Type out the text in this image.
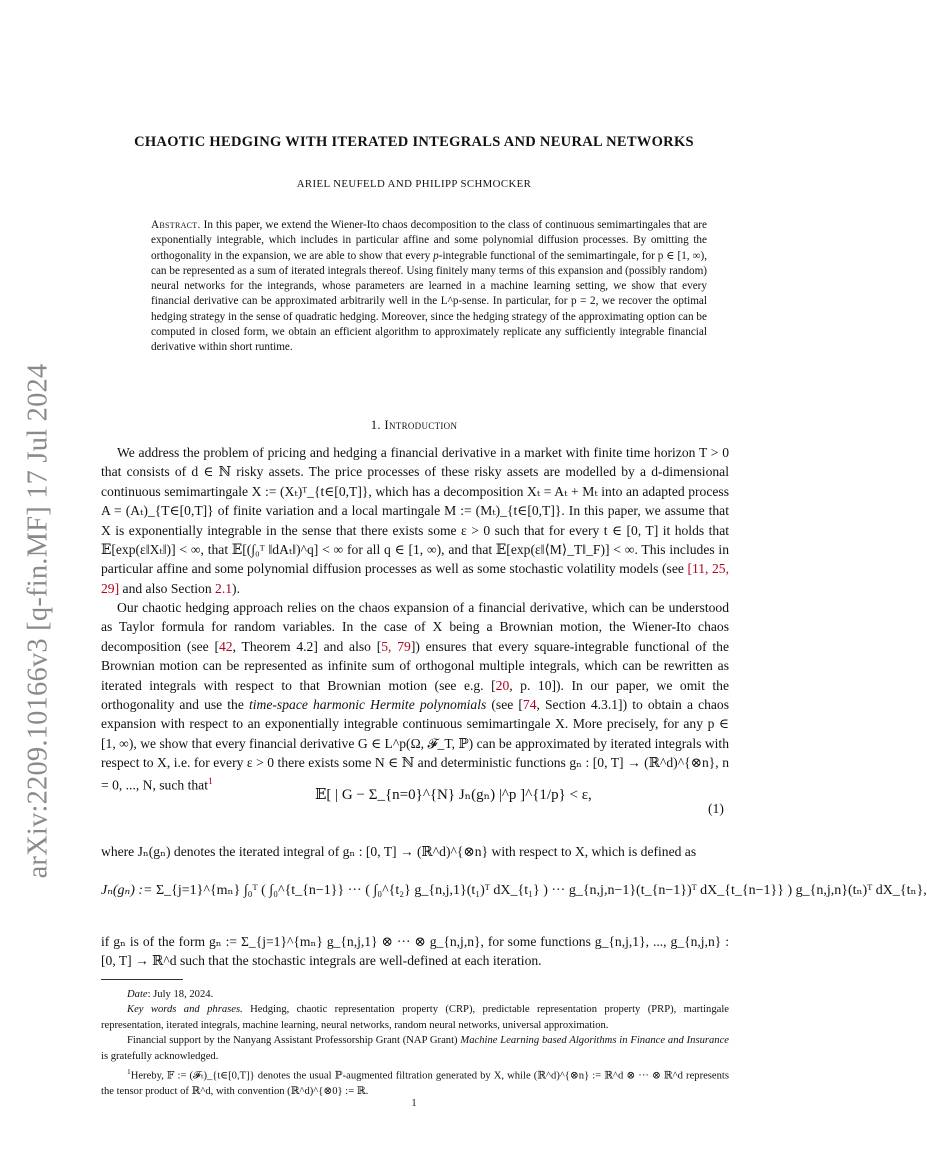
arXiv:2209.10166v3 [q-fin.MF] 17 Jul 2024
CHAOTIC HEDGING WITH ITERATED INTEGRALS AND NEURAL NETWORKS
ARIEL NEUFELD AND PHILIPP SCHMOCKER
Abstract. In this paper, we extend the Wiener-Ito chaos decomposition to the class of continuous semimartingales that are exponentially integrable, which includes in particular affine and some polynomial diffusion processes. By omitting the orthogonality in the expansion, we are able to show that every p-integrable functional of the semimartingale, for p ∈ [1, ∞), can be represented as a sum of iterated integrals thereof. Using finitely many terms of this expansion and (possibly random) neural networks for the integrands, whose parameters are learned in a machine learning setting, we show that every financial derivative can be approximated arbitrarily well in the L^p-sense. In particular, for p = 2, we recover the optimal hedging strategy in the sense of quadratic hedging. Moreover, since the hedging strategy of the approximating option can be computed in closed form, we obtain an efficient algorithm to approximately replicate any sufficiently integrable financial derivative within short runtime.
1. Introduction

We address the problem of pricing and hedging a financial derivative in a market with finite time horizon T > 0 that consists of d ∈ ℕ risky assets. The price processes of these risky assets are modelled by a d-dimensional continuous semimartingale X := (Xₜ)ᵀ_{t∈[0,T]}, which has a decomposition Xₜ = Aₜ + Mₜ into an adapted process A = (Aₜ)_{T∈[0,T]} of finite variation and a local martingale M := (Mₜ)_{t∈[0,T]}. In this paper, we assume that X is exponentially integrable in the sense that there exists some ε > 0 such that for every t ∈ [0, T] it holds that 𝔼[exp(ε‖Xₜ‖)] < ∞, that 𝔼[(∫₀ᵀ ‖dAₜ‖)^q] < ∞ for all q ∈ [1, ∞), and that 𝔼[exp(ε‖⟨M⟩_T‖_F)] < ∞. This includes in particular affine and some polynomial diffusion processes as well as some stochastic volatility models (see [11, 25, 29] and also Section 2.1).

Our chaotic hedging approach relies on the chaos expansion of a financial derivative, which can be understood as Taylor formula for random variables. In the case of X being a Brownian motion, the Wiener-Ito chaos decomposition (see [42, Theorem 4.2] and also [5, 79]) ensures that every square-integrable functional of the Brownian motion can be represented as infinite sum of orthogonal multiple integrals, which can be rewritten as iterated integrals with respect to that Brownian motion (see e.g. [20, p. 10]). In our paper, we omit the orthogonality and use the time-space harmonic Hermite polynomials (see [74, Section 4.3.1]) to obtain a chaos expansion with respect to an exponentially integrable continuous semimartingale X. More precisely, for any p ∈ [1, ∞), we show that every financial derivative G ∈ L^p(Ω, 𝓕_T, ℙ) can be approximated by iterated integrals with respect to X, i.e. for every ε > 0 there exists some N ∈ ℕ and deterministic functions gₙ : [0, T] → (ℝ^d)^{⊗n}, n = 0, ..., N, such that$^1$

𝔼[ | G − Σ_{n=0}^{N} Jₙ(gₙ) |^p ]^{1/p} < ε,
(1)

where Jₙ(gₙ) denotes the iterated integral of gₙ : [0, T] → (ℝ^d)^{⊗n} with respect to X, which is defined as

Jₙ(gₙ) := Σ_{j=1}^{mₙ} ∫₀ᵀ ( ∫₀^{t_{n−1}} ··· ( ∫₀^{t₂} g_{n,j,1}(t₁)ᵀ dX_{t₁} ) ··· g_{n,j,n−1}(t_{n−1})ᵀ dX_{t_{n−1}} ) g_{n,j,n}(tₙ)ᵀ dX_{tₙ},

if gₙ is of the form gₙ := Σ_{j=1}^{mₙ} g_{n,j,1} ⊗ ··· ⊗ g_{n,j,n}, for some functions g_{n,j,1}, ..., g_{n,j,n} : [0, T] → ℝ^d such that the stochastic integrals are well-defined at each iteration.

Date: July 18, 2024.

Key words and phrases. Hedging, chaotic representation property (CRP), predictable representation property (PRP), martingale representation, iterated integrals, machine learning, neural networks, random neural networks, universal approximation.

Financial support by the Nanyang Assistant Professorship Grant (NAP Grant) Machine Learning based Algorithms in Finance and Insurance is gratefully acknowledged.

$^1$Hereby, 𝔽 := (𝓕ₜ)_{t∈[0,T]} denotes the usual ℙ-augmented filtration generated by X, while (ℝ^d)^{⊗n} := ℝ^d ⊗ ··· ⊗ ℝ^d represents the tensor product of ℝ^d, with convention (ℝ^d)^{⊗0} := ℝ.

1
